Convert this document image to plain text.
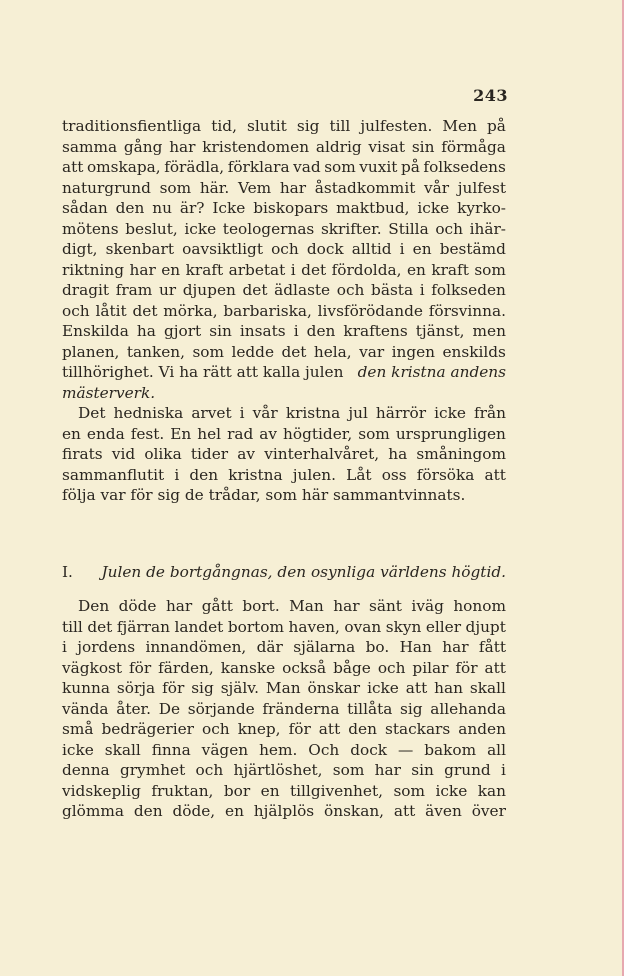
243
traditionsfientliga tid, slutit sig till julfesten. Men på
samma gång har kristendomen aldrig visat sin förmåga
att omskapa, förädla, förklara vad som vuxit på folksedens
naturgrund som här. Vem har åstadkommit vår julfest
sådan den nu är? Icke biskopars maktbud, icke kyrko-
mötens beslut, icke teologernas skrifter. Stilla och ihär-
digt, skenbart oavsiktligt och dock alltid i en bestämd
riktning har en kraft arbetat i det fördolda, en kraft som
dragit fram ur djupen det ädlaste och bästa i folkseden
och låtit det mörka, barbariska, livsförödande försvinna.
Enskilda ha gjort sin insats i den kraftens tjänst, men
planen, tanken, som ledde det hela, var ingen enskilds
tillhörighet. Vi ha rätt att kalla julen
den kristna andens
mästerverk.
Det hedniska arvet i vår kristna jul härrör icke från
en enda fest. En hel rad av högtider, som ursprungligen
firats vid olika tider av vinterhalvåret, ha småningom
sammanflutit i den kristna julen. Låt oss försöka att
följa var för sig de trådar, som här sammantvinnats.
I. Julen de bortgångnas, den osynliga världens högtid.
Den döde har gått bort. Man har sänt iväg honom
till det fjärran landet bortom haven, ovan skyn eller djupt
i jordens innandömen, där själarna bo. Han har fått
vägkost för färden, kanske också båge och pilar för att
kunna sörja för sig själv. Man önskar icke att han skall
vända åter. De sörjande fränderna tillåta sig allehanda
små bedrägerier och knep, för att den stackars anden
icke skall finna vägen hem. Och dock — bakom all
denna grymhet och hjärtlöshet, som har sin grund i
vidskeplig fruktan, bor en tillgivenhet, som icke kan
glömma den döde, en hjälplös önskan, att även över
